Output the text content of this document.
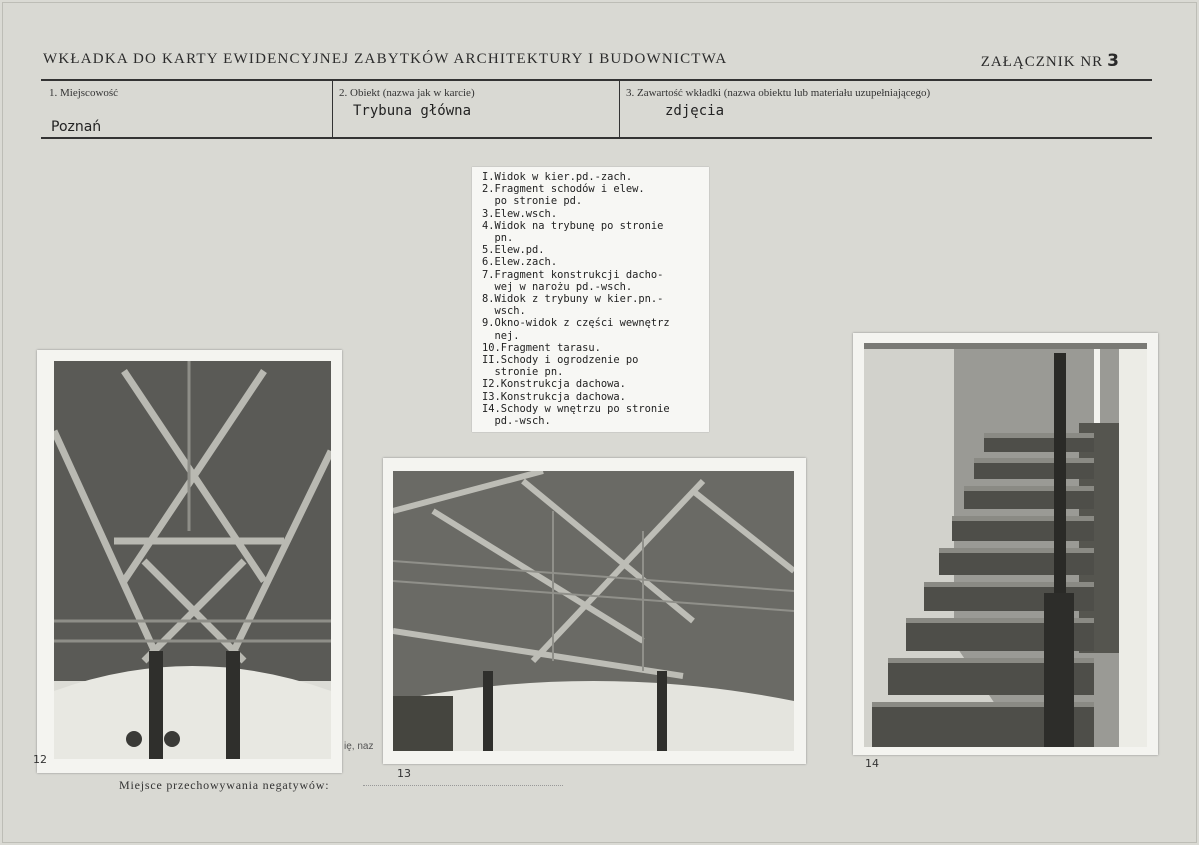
WKŁADKA DO KARTY EWIDENCYJNEJ ZABYTKÓW ARCHITEKTURY I BUDOWNICTWA	ZAŁĄCZNIK NR 3
1. Miejscowość
Poznań
2. Obiekt (nazwa jak w karcie)
Trybuna główna
3. Zawartość wkładki (nazwa obiektu lub materiału uzupełniającego)
zdjęcia
I.Widok w kier.pd.-zach.
2.Fragment schodów i elew.
po stronie pd.
3.Elew.wsch.
4.Widok na trybunę po stronie
pn.
5.Elew.pd.
6.Elew.zach.
7.Fragment konstrukcji dacho-
wej w narożu pd.-wsch.
8.Widok z trybuny w kier.pn.-
wsch.
9.Okno-widok z części wewnętrz
nej.
10.Fragment tarasu.
II.Schody i ogrodzenie po
stronie pn.
I2.Konstrukcja dachowa.
I3.Konstrukcja dachowa.
I4.Schody w wnętrzu po stronie
pd.-wsch.
12
13
14
ię, naz
Miejsce przechowywania negatywów:
